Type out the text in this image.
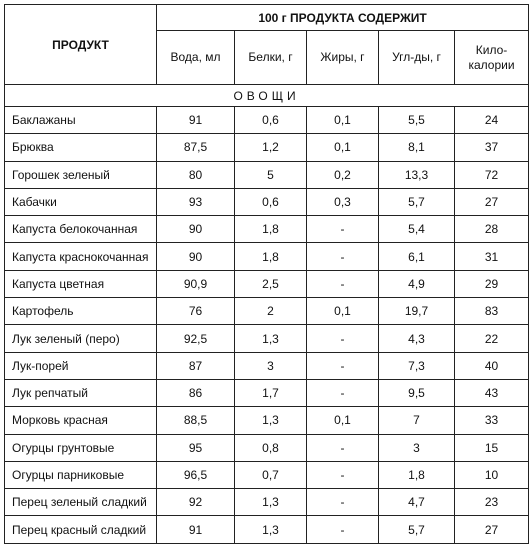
ПРОДУКТ	100 г ПРОДУКТА СОДЕРЖИТ				
	Вода, мл	Белки, г	Жиры, г	Угл-ды, г	Кило-
калории
ОВОЩИ					
Баклажаны	91	0,6	0,1	5,5	24
Брюква	87,5	1,2	0,1	8,1	37
Горошек зеленый	80	5	0,2	13,3	72
Кабачки	93	0,6	0,3	5,7	27
Капуста белокочанная	90	1,8	-	5,4	28
Капуста краснокочанная	90	1,8	-	6,1	31
Капуста цветная	90,9	2,5	-	4,9	29
Картофель	76	2	0,1	19,7	83
Лук зеленый (перо)	92,5	1,3	-	4,3	22
Лук-порей	87	3	-	7,3	40
Лук репчатый	86	1,7	-	9,5	43
Морковь красная	88,5	1,3	0,1	7	33
Огурцы грунтовые	95	0,8	-	3	15
Огурцы парниковые	96,5	0,7	-	1,8	10
Перец зеленый сладкий	92	1,3	-	4,7	23
Перец красный сладкий	91	1,3	-	5,7	27
